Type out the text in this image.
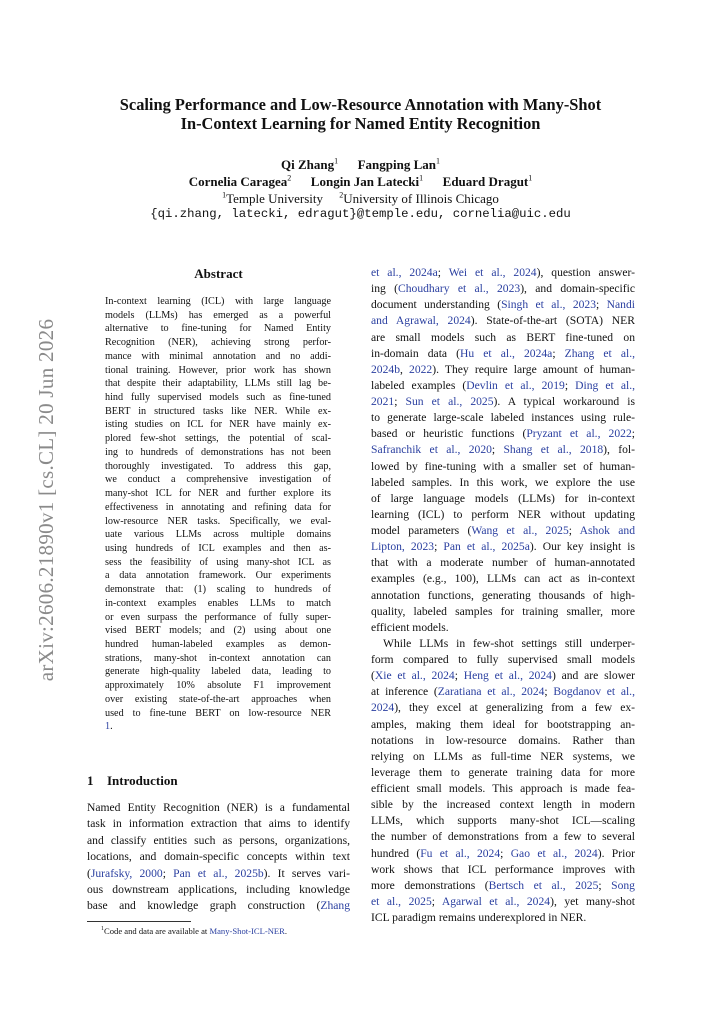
arXiv:2606.21890v1 [cs.CL] 20 Jun 2026
Scaling Performance and Low-Resource Annotation with Many-Shot
In-Context Learning for Named Entity Recognition
Qi Zhang$^1$ Fangping Lan$^1$
Cornelia Caragea$^2$ Longin Jan Latecki$^1$ Eduard Dragut$^1$
$^1$Temple University $^2$University of Illinois Chicago
{qi.zhang, latecki, edragut}@temple.edu, cornelia@uic.edu
Abstract
In-context learning (ICL) with large language
models (LLMs) has emerged as a powerful
alternative to fine-tuning for Named Entity
Recognition (NER), achieving strong perfor-
mance with minimal annotation and no addi-
tional training. However, prior work has shown
that despite their adaptability, LLMs still lag be-
hind fully supervised models such as fine-tuned
BERT in structured tasks like NER. While ex-
isting studies on ICL for NER have mainly ex-
plored few-shot settings, the potential of scal-
ing to hundreds of demonstrations has not been
thoroughly investigated. To address this gap,
we conduct a comprehensive investigation of
many-shot ICL for NER and further explore its
effectiveness in annotating and refining data for
low-resource NER tasks. Specifically, we eval-
uate various LLMs across multiple domains
using hundreds of ICL examples and then as-
sess the feasibility of using many-shot ICL as
a data annotation framework. Our experiments
demonstrate that: (1) scaling to hundreds of
in-context examples enables LLMs to match
or even surpass the performance of fully super-
vised BERT models; and (2) using about one
hundred human-labeled examples as demon-
strations, many-shot in-context annotation can
generate high-quality labeled data, leading to
approximately 10% absolute F1 improvement
over existing state-of-the-art approaches when
used to fine-tune BERT on low-resource NER
1.
1 Introduction
Named Entity Recognition (NER) is a fundamental
task in information extraction that aims to identify
and classify entities such as persons, organizations,
locations, and domain-specific concepts within text
(Jurafsky, 2000; Pan et al., 2025b). It serves vari-
ous downstream applications, including knowledge
base and knowledge graph construction (Zhang
$^1$Code and data are available at Many-Shot-ICL-NER.
et al., 2024a; Wei et al., 2024), question answer-
ing (Choudhary et al., 2023), and domain-specific
document understanding (Singh et al., 2023; Nandi
and Agrawal, 2024). State-of-the-art (SOTA) NER
are small models such as BERT fine-tuned on
in-domain data (Hu et al., 2024a; Zhang et al.,
2024b, 2022). They require large amount of human-
labeled examples (Devlin et al., 2019; Ding et al.,
2021; Sun et al., 2025). A typical workaround is
to generate large-scale labeled instances using rule-
based or heuristic functions (Pryzant et al., 2022;
Safranchik et al., 2020; Shang et al., 2018), fol-
lowed by fine-tuning with a smaller set of human-
labeled samples. In this work, we explore the use
of large language models (LLMs) for in-context
learning (ICL) to perform NER without updating
model parameters (Wang et al., 2025; Ashok and
Lipton, 2023; Pan et al., 2025a). Our key insight is
that with a moderate number of human-annotated
examples (e.g., 100), LLMs can act as in-context
annotation functions, generating thousands of high-
quality, labeled samples for training smaller, more
efficient models.
While LLMs in few-shot settings still underper-
form compared to fully supervised small models
(Xie et al., 2024; Heng et al., 2024) and are slower
at inference (Zaratiana et al., 2024; Bogdanov et al.,
2024), they excel at generalizing from a few ex-
amples, making them ideal for bootstrapping an-
notations in low-resource domains. Rather than
relying on LLMs as full-time NER systems, we
leverage them to generate training data for more
efficient small models. This approach is made fea-
sible by the increased context length in modern
LLMs, which supports many-shot ICL—scaling
the number of demonstrations from a few to several
hundred (Fu et al., 2024; Gao et al., 2024). Prior
work shows that ICL performance improves with
more demonstrations (Bertsch et al., 2025; Song
et al., 2025; Agarwal et al., 2024), yet many-shot
ICL paradigm remains underexplored in NER.
